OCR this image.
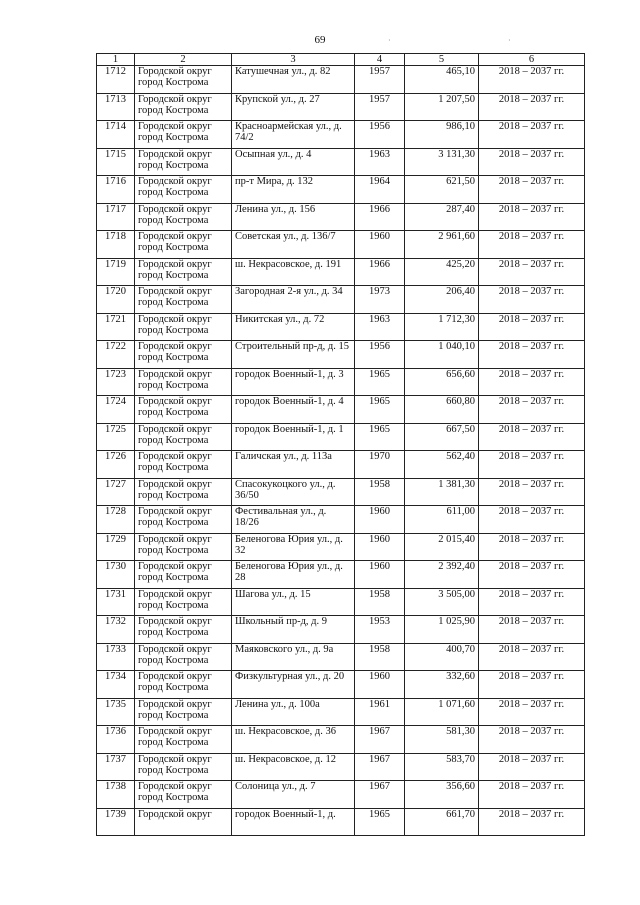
69	·	·
1	2	3	4	5	6
1712	Городской округ город Кострома	Катушечная ул., д. 82	1957	465,10	2018 – 2037 гг.
1713	Городской округ город Кострома	Крупской ул., д. 27	1957	1 207,50	2018 – 2037 гг.
1714	Городской округ город Кострома	Красноармейская ул., д. 74/2	1956	986,10	2018 – 2037 гг.
1715	Городской округ город Кострома	Осыпная ул., д. 4	1963	3 131,30	2018 – 2037 гг.
1716	Городской округ город Кострома	пр-т Мира, д. 132	1964	621,50	2018 – 2037 гг.
1717	Городской округ город Кострома	Ленина ул., д. 156	1966	287,40	2018 – 2037 гг.
1718	Городской округ город Кострома	Советская ул., д. 136/7	1960	2 961,60	2018 – 2037 гг.
1719	Городской округ город Кострома	ш. Некрасовское, д. 191	1966	425,20	2018 – 2037 гг.
1720	Городской округ город Кострома	Загородная 2-я ул., д. 34	1973	206,40	2018 – 2037 гг.
1721	Городской округ город Кострома	Никитская ул., д. 72	1963	1 712,30	2018 – 2037 гг.
1722	Городской округ город Кострома	Строительный пр-д, д. 15	1956	1 040,10	2018 – 2037 гг.
1723	Городской округ город Кострома	городок Военный-1, д. 3	1965	656,60	2018 – 2037 гг.
1724	Городской округ город Кострома	городок Военный-1, д. 4	1965	660,80	2018 – 2037 гг.
1725	Городской округ город Кострома	городок Военный-1, д. 1	1965	667,50	2018 – 2037 гг.
1726	Городской округ город Кострома	Галичская ул., д. 113а	1970	562,40	2018 – 2037 гг.
1727	Городской округ город Кострома	Спасокукоцкого ул., д. 36/50	1958	1 381,30	2018 – 2037 гг.
1728	Городской округ город Кострома	Фестивальная ул., д. 18/26	1960	611,00	2018 – 2037 гг.
1729	Городской округ город Кострома	Беленогова Юрия ул., д. 32	1960	2 015,40	2018 – 2037 гг.
1730	Городской округ город Кострома	Беленогова Юрия ул., д. 28	1960	2 392,40	2018 – 2037 гг.
1731	Городской округ город Кострома	Шагова ул., д. 15	1958	3 505,00	2018 – 2037 гг.
1732	Городской округ город Кострома	Школьный пр-д, д. 9	1953	1 025,90	2018 – 2037 гг.
1733	Городской округ город Кострома	Маяковского ул., д. 9а	1958	400,70	2018 – 2037 гг.
1734	Городской округ город Кострома	Физкультурная ул., д. 20	1960	332,60	2018 – 2037 гг.
1735	Городской округ город Кострома	Ленина ул., д. 100а	1961	1 071,60	2018 – 2037 гг.
1736	Городской округ город Кострома	ш. Некрасовское, д. 36	1967	581,30	2018 – 2037 гг.
1737	Городской округ город Кострома	ш. Некрасовское, д. 12	1967	583,70	2018 – 2037 гг.
1738	Городской округ город Кострома	Солоница ул., д. 7	1967	356,60	2018 – 2037 гг.
1739	Городской округ	городок Военный-1, д.	1965	661,70	2018 – 2037 гг.
